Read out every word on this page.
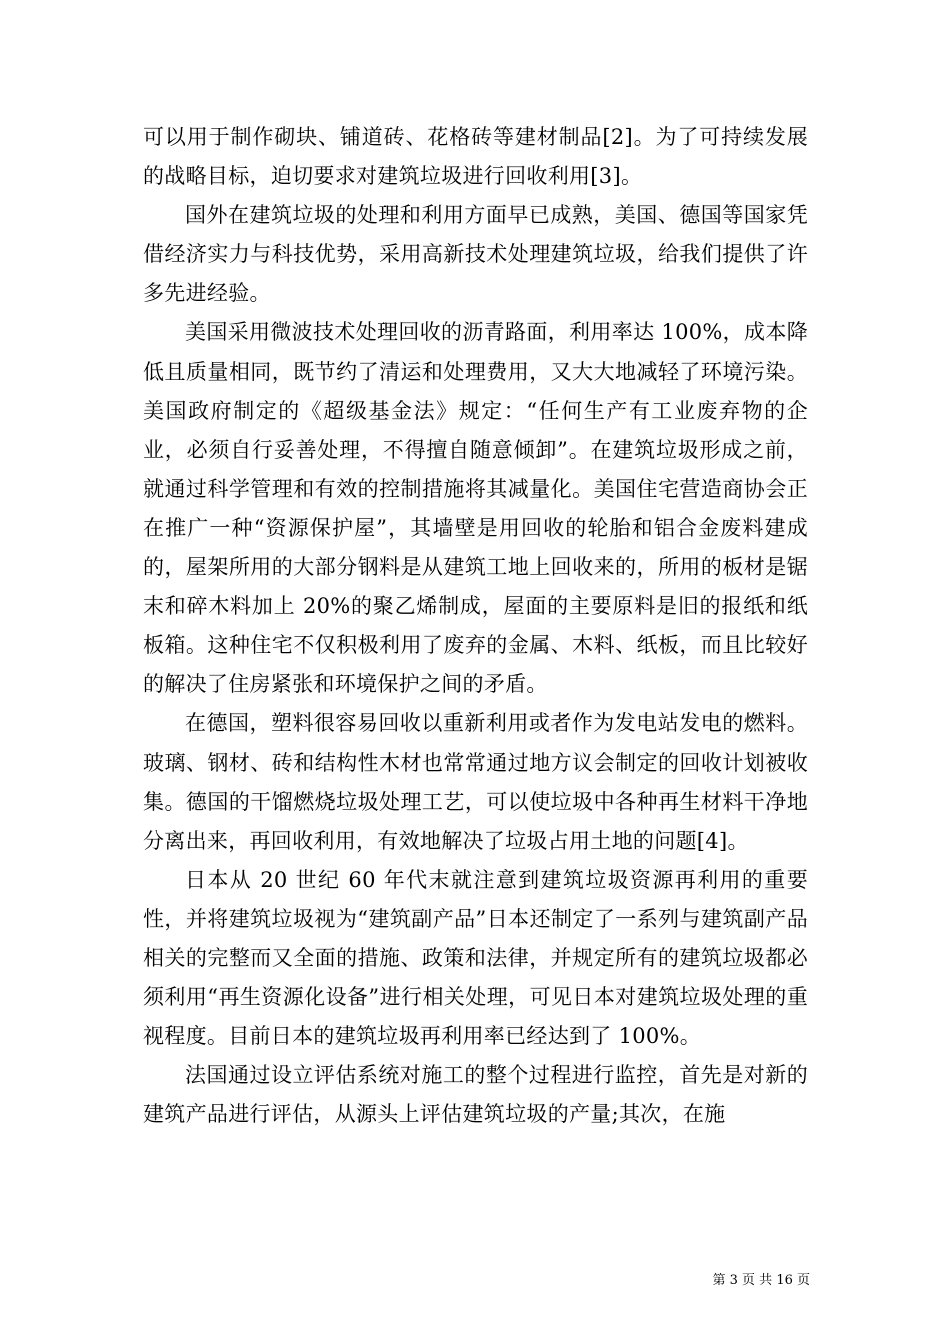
可以用于制作砌块、铺道砖、花格砖等建材制品[2]。为了可持续发展的战略目标，迫切要求对建筑垃圾进行回收利用[3]。

国外在建筑垃圾的处理和利用方面早已成熟，美国、德国等国家凭借经济实力与科技优势，采用高新技术处理建筑垃圾，给我们提供了许多先进经验。

美国采用微波技术处理回收的沥青路面，利用率达 100%，成本降低且质量相同，既节约了清运和处理费用，又大大地减轻了环境污染。美国政府制定的《超级基金法》规定：“任何生产有工业废弃物的企业，必须自行妥善处理，不得擅自随意倾卸”。在建筑垃圾形成之前，就通过科学管理和有效的控制措施将其减量化。美国住宅营造商协会正在推广一种“资源保护屋”，其墙壁是用回收的轮胎和铝合金废料建成的，屋架所用的大部分钢料是从建筑工地上回收来的，所用的板材是锯末和碎木料加上 20%的聚乙烯制成，屋面的主要原料是旧的报纸和纸板箱。这种住宅不仅积极利用了废弃的金属、木料、纸板，而且比较好的解决了住房紧张和环境保护之间的矛盾。

在德国，塑料很容易回收以重新利用或者作为发电站发电的燃料。玻璃、钢材、砖和结构性木材也常常通过地方议会制定的回收计划被收集。德国的干馏燃烧垃圾处理工艺，可以使垃圾中各种再生材料干净地分离出来，再回收利用，有效地解决了垃圾占用土地的问题[4]。

日本从 20 世纪 60 年代末就注意到建筑垃圾资源再利用的重要性，并将建筑垃圾视为“建筑副产品”日本还制定了一系列与建筑副产品相关的完整而又全面的措施、政策和法律，并规定所有的建筑垃圾都必须利用“再生资源化设备”进行相关处理，可见日本对建筑垃圾处理的重视程度。目前日本的建筑垃圾再利用率已经达到了 100%。

法国通过设立评估系统对施工的整个过程进行监控，首先是对新的建筑产品进行评估，从源头上评估建筑垃圾的产量;其次，在施

第 3 页 共 16 页
